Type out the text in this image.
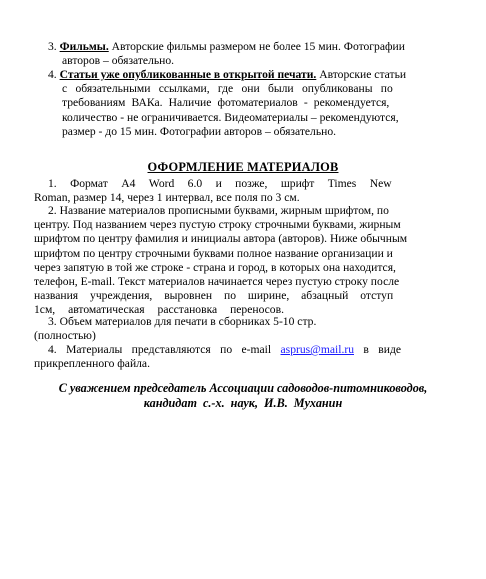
3. Фильмы. Авторские фильмы размером не более 15 мин. Фотографии
авторов – обязательно.
4. Статьи уже опубликованные в открытой печати. Авторские статьи
с обязательными ссылками, где они были опубликованы по
требованиям ВАКа. Наличие фотоматериалов - рекомендуется,
количество - не ограничивается. Видеоматериалы – рекомендуются,
размер - до 15 мин. Фотографии авторов – обязательно.
ОФОРМЛЕНИЕ МАТЕРИАЛОВ
1. Формат А4 Word 6.0 и позже, шрифт Times New
Roman, размер 14, через 1 интервал, все поля по 3 см.
2. Название материалов прописными буквами, жирным шрифтом, по
центру. Под названием через пустую строку строчными буквами, жирным
шрифтом по центру фамилия и инициалы автора (авторов). Ниже обычным
шрифтом по центру строчными буквами полное название организации и
через запятую в той же строке - страна и город, в которых она находится,
телефон, E-mail. Текст материалов начинается через пустую строку после
названия учреждения, выровнен по ширине, абзацный отступ
1см, автоматическая расстановка переносов.
3. Объем материалов для печати в сборниках 5-10 стр.
(полностью)
4. Материалы представляются по e-mail asprus@mail.ru в виде
прикрепленного файла.
С уважением председатель Ассоциации садоводов-питомниководов,
кандидат с.-х. наук, И.В. Муханин
